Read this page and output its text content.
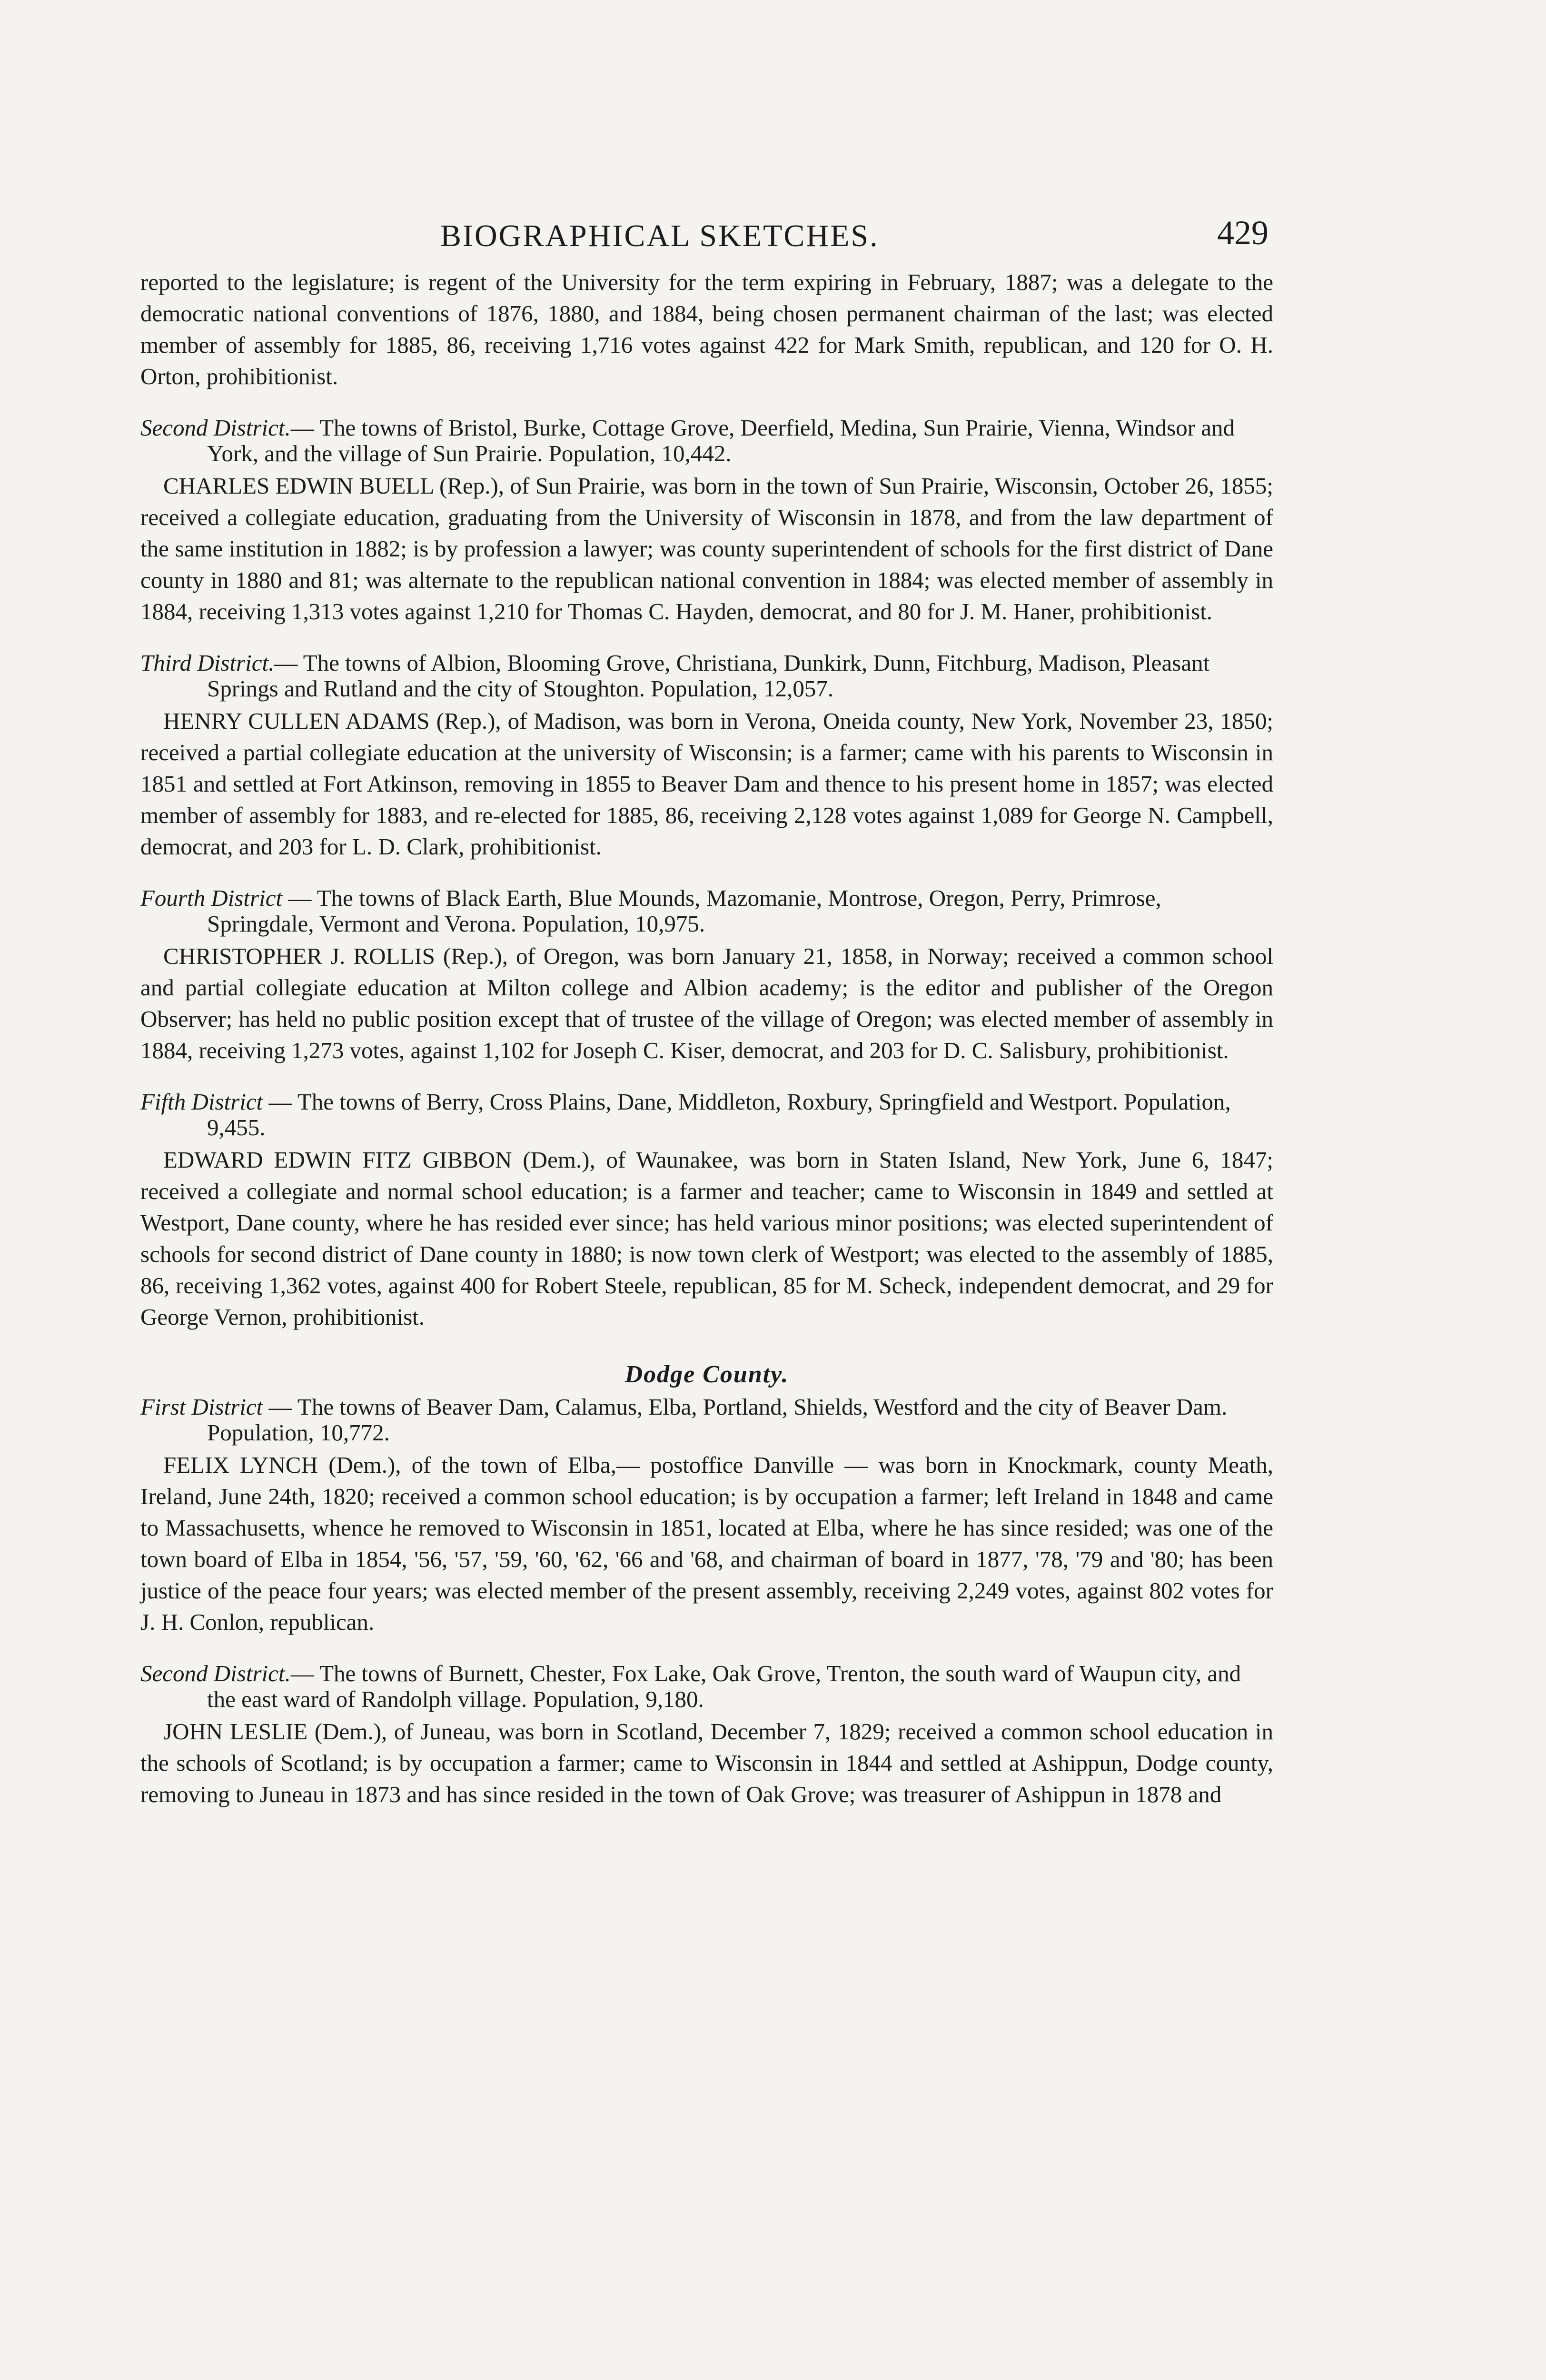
BIOGRAPHICAL SKETCHES.	429

reported to the legislature; is regent of the University for the term expiring in February, 1887; was a delegate to the democratic national conventions of 1876, 1880, and 1884, being chosen permanent chairman of the last; was elected member of assembly for 1885, 86, receiving 1,716 votes against 422 for Mark Smith, republican, and 120 for O. H. Orton, prohibitionist.

Second District.— The towns of Bristol, Burke, Cottage Grove, Deerfield, Medina, Sun Prairie, Vienna, Windsor and York, and the village of Sun Prairie. Population, 10,442.

CHARLES EDWIN BUELL (Rep.), of Sun Prairie, was born in the town of Sun Prairie, Wisconsin, October 26, 1855; received a collegiate education, graduating from the University of Wisconsin in 1878, and from the law department of the same institution in 1882; is by profession a lawyer; was county superintendent of schools for the first district of Dane county in 1880 and 81; was alternate to the republican national convention in 1884; was elected member of assembly in 1884, receiving 1,313 votes against 1,210 for Thomas C. Hayden, democrat, and 80 for J. M. Haner, prohibitionist.

Third District.— The towns of Albion, Blooming Grove, Christiana, Dunkirk, Dunn, Fitchburg, Madison, Pleasant Springs and Rutland and the city of Stoughton. Population, 12,057.

HENRY CULLEN ADAMS (Rep.), of Madison, was born in Verona, Oneida county, New York, November 23, 1850; received a partial collegiate education at the university of Wisconsin; is a farmer; came with his parents to Wisconsin in 1851 and settled at Fort Atkinson, removing in 1855 to Beaver Dam and thence to his present home in 1857; was elected member of assembly for 1883, and re-elected for 1885, 86, receiving 2,128 votes against 1,089 for George N. Campbell, democrat, and 203 for L. D. Clark, prohibitionist.

Fourth District — The towns of Black Earth, Blue Mounds, Mazomanie, Montrose, Oregon, Perry, Primrose, Springdale, Vermont and Verona. Population, 10,975.

CHRISTOPHER J. ROLLIS (Rep.), of Oregon, was born January 21, 1858, in Norway; received a common school and partial collegiate education at Milton college and Albion academy; is the editor and publisher of the Oregon Observer; has held no public position except that of trustee of the village of Oregon; was elected member of assembly in 1884, receiving 1,273 votes, against 1,102 for Joseph C. Kiser, democrat, and 203 for D. C. Salisbury, prohibitionist.

Fifth District — The towns of Berry, Cross Plains, Dane, Middleton, Roxbury, Springfield and Westport. Population, 9,455.

EDWARD EDWIN FITZ GIBBON (Dem.), of Waunakee, was born in Staten Island, New York, June 6, 1847; received a collegiate and normal school education; is a farmer and teacher; came to Wisconsin in 1849 and settled at Westport, Dane county, where he has resided ever since; has held various minor positions; was elected superintendent of schools for second district of Dane county in 1880; is now town clerk of Westport; was elected to the assembly of 1885, 86, receiving 1,362 votes, against 400 for Robert Steele, republican, 85 for M. Scheck, independent democrat, and 29 for George Vernon, prohibitionist.

Dodge County.

First District — The towns of Beaver Dam, Calamus, Elba, Portland, Shields, Westford and the city of Beaver Dam. Population, 10,772.

FELIX LYNCH (Dem.), of the town of Elba,— postoffice Danville — was born in Knockmark, county Meath, Ireland, June 24th, 1820; received a common school education; is by occupation a farmer; left Ireland in 1848 and came to Massachusetts, whence he removed to Wisconsin in 1851, located at Elba, where he has since resided; was one of the town board of Elba in 1854, '56, '57, '59, '60, '62, '66 and '68, and chairman of board in 1877, '78, '79 and '80; has been justice of the peace four years; was elected member of the present assembly, receiving 2,249 votes, against 802 votes for J. H. Conlon, republican.

Second District.— The towns of Burnett, Chester, Fox Lake, Oak Grove, Trenton, the south ward of Waupun city, and the east ward of Randolph village. Population, 9,180.

JOHN LESLIE (Dem.), of Juneau, was born in Scotland, December 7, 1829; received a common school education in the schools of Scotland; is by occupation a farmer; came to Wisconsin in 1844 and settled at Ashippun, Dodge county, removing to Juneau in 1873 and has since resided in the town of Oak Grove; was treasurer of Ashippun in 1878 and
